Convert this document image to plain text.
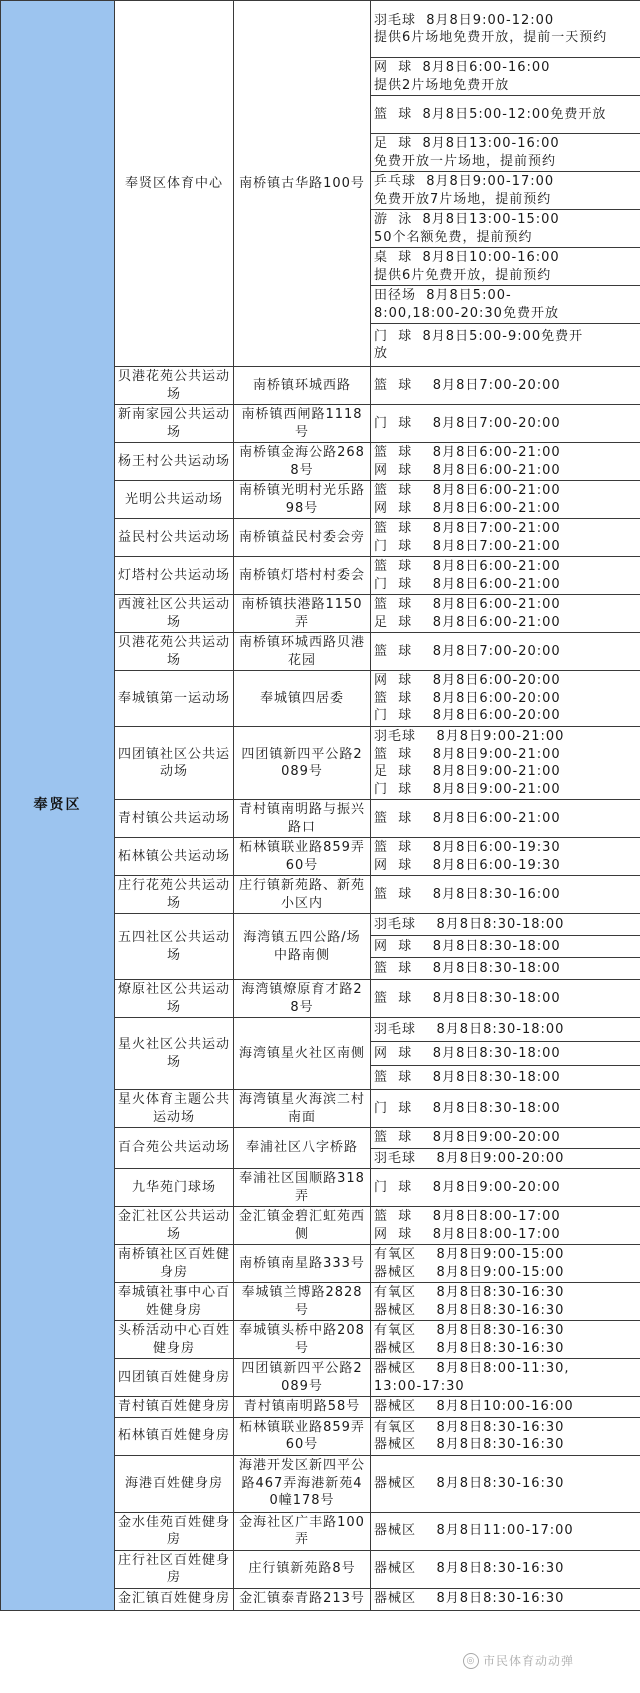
奉贤区	奉贤区体育中心	南桥镇古华路100号	羽毛球  8月8日9:00-12:00
提供6片场地免费开放，提前一天预约

			网  球  8月8日6:00-16:00
提供2片场地免费开放

			篮  球  8月8日5:00-12:00免费开放

			足  球  8月8日13:00-16:00
免费开放一片场地，提前预约

			乒乓球  8月8日9:00-17:00
免费开放7片场地，提前预约

			游  泳  8月8日13:00-15:00
50个名额免费，提前预约

			桌  球  8月8日10:00-16:00
提供6片免费开放，提前预约

			田径场  8月8日5:00-
8:00,18:00-20:30免费开放

			门  球  8月8日5:00-9:00免费开
放

	贝港花苑公共运动场	南桥镇环城西路	篮  球    8月8日7:00-20:00

	新南家园公共运动场	南桥镇西闸路1118号	门  球    8月8日7:00-20:00

	杨王村公共运动场	南桥镇金海公路2688号	篮  球    8月8日6:00-21:00
网  球    8月8日6:00-21:00

	光明公共运动场	南桥镇光明村光乐路98号	篮  球    8月8日6:00-21:00
网  球    8月8日6:00-21:00

	益民村公共运动场	南桥镇益民村委会旁	篮  球    8月8日7:00-21:00
门  球    8月8日7:00-21:00

	灯塔村公共运动场	南桥镇灯塔村村委会	篮  球    8月8日6:00-21:00
门  球    8月8日6:00-21:00

	西渡社区公共运动场	南桥镇扶港路1150弄	篮  球    8月8日6:00-21:00
足  球    8月8日6:00-21:00

	贝港花苑公共运动场	南桥镇环城西路贝港花园	篮  球    8月8日7:00-20:00

	奉城镇第一运动场	奉城镇四居委	网  球    8月8日6:00-20:00
篮  球    8月8日6:00-20:00
门  球    8月8日6:00-20:00

	四团镇社区公共运动场	四团镇新四平公路2089号	羽毛球    8月8日9:00-21:00
篮  球    8月8日9:00-21:00
足  球    8月8日9:00-21:00
门  球    8月8日9:00-21:00

	青村镇公共运动场	青村镇南明路与振兴路口	篮  球    8月8日6:00-21:00

	柘林镇公共运动场	柘林镇联业路859弄60号	篮  球    8月8日6:00-19:30
网  球    8月8日6:00-19:30

	庄行花苑公共运动场	庄行镇新苑路、新苑小区内	篮  球    8月8日8:30-16:00

	五四社区公共运动场	海湾镇五四公路/场中路南侧	羽毛球    8月8日8:30-18:00

			网  球    8月8日8:30-18:00

			篮  球    8月8日8:30-18:00

	燎原社区公共运动场	海湾镇燎原育才路28号	篮  球    8月8日8:30-18:00

	星火社区公共运动场	海湾镇星火社区南侧	羽毛球    8月8日8:30-18:00

			网  球    8月8日8:30-18:00

			篮  球    8月8日8:30-18:00

	星火体育主题公共运动场	海湾镇星火海滨二村南面	门  球    8月8日8:30-18:00

	百合苑公共运动场	奉浦社区八字桥路	篮  球    8月8日9:00-20:00

			羽毛球    8月8日9:00-20:00

	九华苑门球场	奉浦社区国顺路318弄	门  球    8月8日9:00-20:00

	金汇社区公共运动场	金汇镇金碧汇虹苑西侧	篮  球    8月8日8:00-17:00
网  球    8月8日8:00-17:00

	南桥镇社区百姓健身房	南桥镇南星路333号	有氧区    8月8日9:00-15:00
器械区    8月8日9:00-15:00

	奉城镇社事中心百姓健身房	奉城镇兰博路2828号	有氧区    8月8日8:30-16:30
器械区    8月8日8:30-16:30

	头桥活动中心百姓健身房	奉城镇头桥中路208号	有氧区    8月8日8:30-16:30
器械区    8月8日8:30-16:30

	四团镇百姓健身房	四团镇新四平公路2089号	器械区    8月8日8:00-11:30,
13:00-17:30

	青村镇百姓健身房	青村镇南明路58号	器械区    8月8日10:00-16:00

	柘林镇百姓健身房	柘林镇联业路859弄60号	有氧区    8月8日8:30-16:30
器械区    8月8日8:30-16:30

	海港百姓健身房	海港开发区新四平公路467弄海港新苑40幢178号	器械区    8月8日8:30-16:30

	金水佳苑百姓健身房	金海社区广丰路100弄	器械区    8月8日11:00-17:00

	庄行社区百姓健身房	庄行镇新苑路8号	器械区    8月8日8:30-16:30

	金汇镇百姓健身房	金汇镇泰青路213号	器械区    8月8日8:30-16:30
◎ 市民体育动动弹
